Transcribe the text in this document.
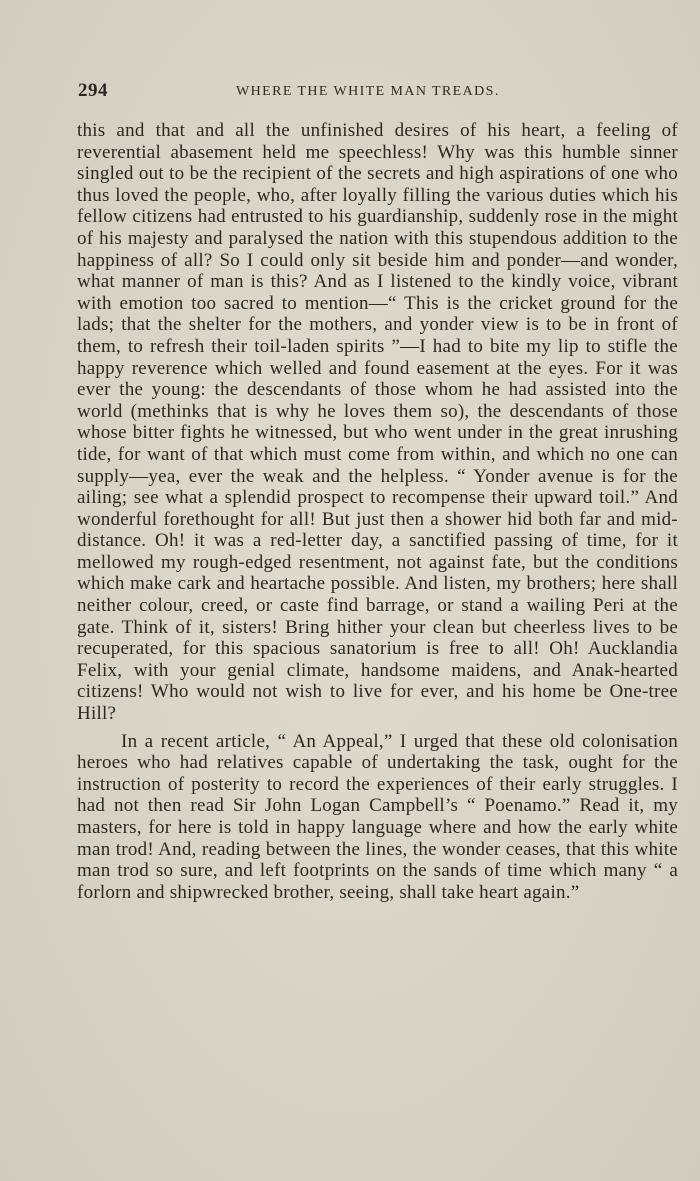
294	WHERE THE WHITE MAN TREADS.

this and that and all the unfinished desires of his heart, a feeling of reverential abasement held me speechless! Why was this humble sinner singled out to be the recipient of the secrets and high aspirations of one who thus loved the people, who, after loyally filling the various duties which his fellow citizens had entrusted to his guardianship, suddenly rose in the might of his majesty and paralysed the nation with this stupendous addition to the happiness of all? So I could only sit beside him and ponder—and wonder, what manner of man is this? And as I listened to the kindly voice, vibrant with emotion too sacred to mention—“ This is the cricket ground for the lads; that the shelter for the mothers, and yonder view is to be in front of them, to refresh their toil-laden spirits ”—I had to bite my lip to stifle the happy reverence which welled and found easement at the eyes. For it was ever the young: the descendants of those whom he had assisted into the world (methinks that is why he loves them so), the descendants of those whose bitter fights he witnessed, but who went under in the great inrushing tide, for want of that which must come from within, and which no one can supply—yea, ever the weak and the helpless. “ Yonder avenue is for the ailing; see what a splendid prospect to recompense their upward toil.” And wonderful forethought for all! But just then a shower hid both far and mid-distance. Oh! it was a red-letter day, a sanctified passing of time, for it mellowed my rough-edged resentment, not against fate, but the conditions which make cark and heartache possible. And listen, my brothers; here shall neither colour, creed, or caste find barrage, or stand a wailing Peri at the gate. Think of it, sisters! Bring hither your clean but cheerless lives to be recuperated, for this spacious sanatorium is free to all! Oh! Aucklandia Felix, with your genial climate, handsome maidens, and Anak-hearted citizens! Who would not wish to live for ever, and his home be One-tree Hill?

In a recent article, “ An Appeal,” I urged that these old colonisation heroes who had relatives capable of undertaking the task, ought for the instruction of posterity to record the experiences of their early struggles. I had not then read Sir John Logan Campbell’s “ Poenamo.” Read it, my masters, for here is told in happy language where and how the early white man trod! And, reading between the lines, the wonder ceases, that this white man trod so sure, and left footprints on the sands of time which many “ a forlorn and shipwrecked brother, seeing, shall take heart again.”
